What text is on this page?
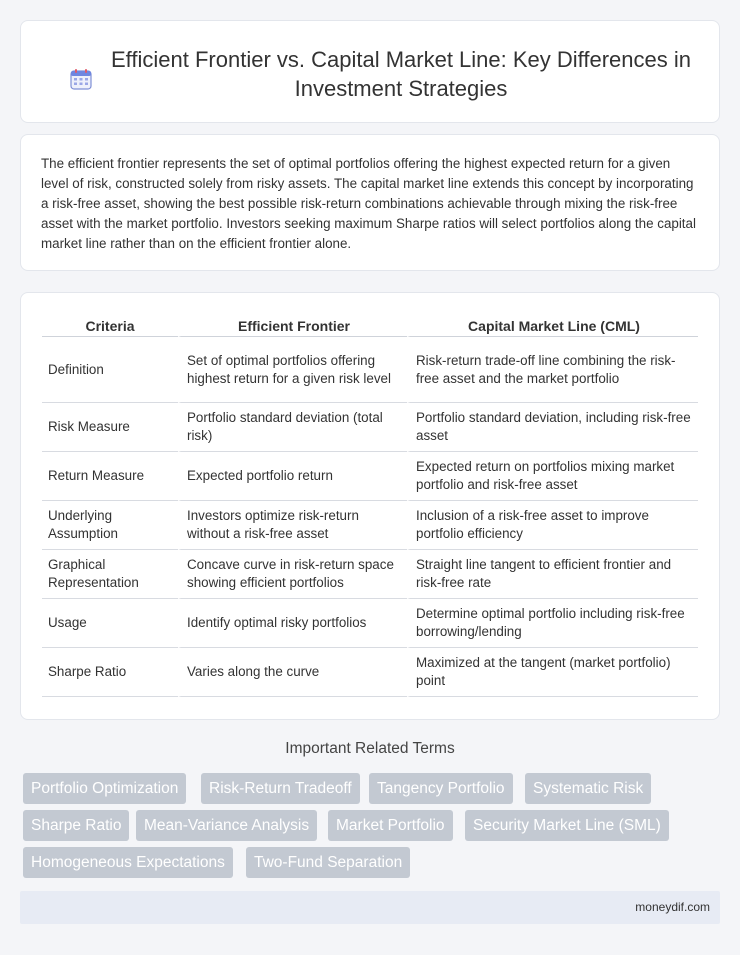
Efficient Frontier vs. Capital Market Line: Key Differences in Investment Strategies

The efficient frontier represents the set of optimal portfolios offering the highest expected return for a given level of risk, constructed solely from risky assets. The capital market line extends this concept by incorporating a risk-free asset, showing the best possible risk-return combinations achievable through mixing the risk-free asset with the market portfolio. Investors seeking maximum Sharpe ratios will select portfolios along the capital market line rather than on the efficient frontier alone.

Criteria	Efficient Frontier	Capital Market Line (CML)
Definition	Set of optimal portfolios offering highest return for a given risk level	Risk-return trade-off line combining the risk-free asset and the market portfolio
Risk Measure	Portfolio standard deviation (total risk)	Portfolio standard deviation, including risk-free asset
Return Measure	Expected portfolio return	Expected return on portfolios mixing market portfolio and risk-free asset
Underlying Assumption	Investors optimize risk-return without a risk-free asset	Inclusion of a risk-free asset to improve portfolio efficiency
Graphical Representation	Concave curve in risk-return space showing efficient portfolios	Straight line tangent to efficient frontier and risk-free rate
Usage	Identify optimal risky portfolios	Determine optimal portfolio including risk-free borrowing/lending
Sharpe Ratio	Varies along the curve	Maximized at the tangent (market portfolio) point
Important Related Terms
Portfolio Optimization	Risk-Return Tradeoff	Tangency Portfolio	Systematic Risk
Sharpe Ratio	Mean-Variance Analysis	Market Portfolio	Security Market Line (SML)
Homogeneous Expectations	Two-Fund Separation
moneydif.com
